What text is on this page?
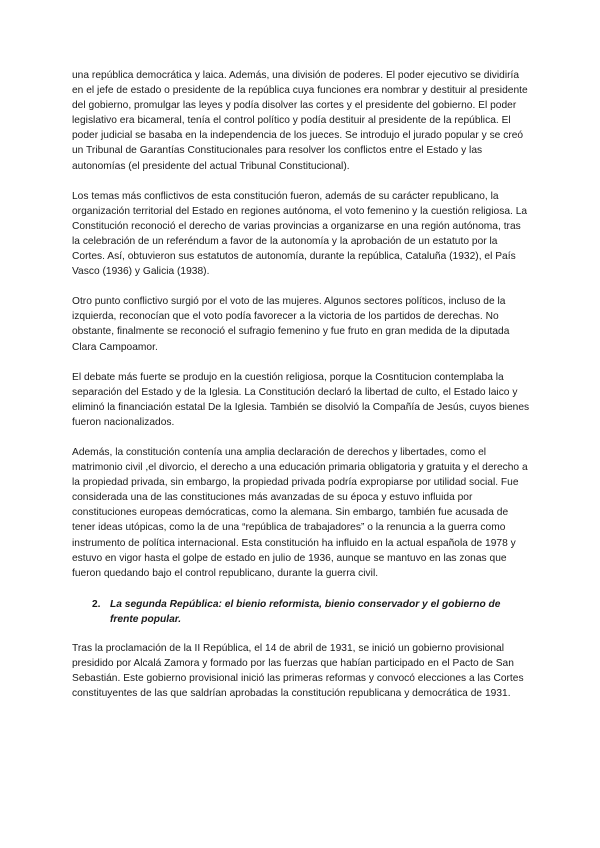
una república democrática y laica. Además, una división de poderes. El poder ejecutivo se dividiría en el jefe de estado o presidente de la república cuya funciones era nombrar y destituir al presidente del gobierno, promulgar las leyes y podía disolver las cortes y el presidente del gobierno. El poder legislativo era bicameral, tenía el control político y podía destituir al presidente de la república. El poder judicial se basaba en la independencia de los jueces. Se introdujo el jurado popular y se creó un Tribunal de Garantías Constitucionales para resolver los conflictos entre el Estado y las autonomías (el presidente del actual Tribunal Constitucional).

Los temas más conflictivos de esta constitución fueron, además de su carácter republicano, la organización territorial del Estado en regiones autónoma, el voto femenino y la cuestión religiosa. La Constitución reconoció el derecho de varias provincias a organizarse en una región autónoma, tras la celebración de un referéndum a favor de la autonomía y la aprobación de un estatuto por la Cortes. Así, obtuvieron sus estatutos de autonomía, durante la república, Cataluña (1932), el País Vasco (1936) y Galicia (1938).

Otro punto conflictivo surgió por el voto de las mujeres. Algunos sectores políticos, incluso de la izquierda, reconocían que el voto podía favorecer a la victoria de los partidos de derechas. No obstante, finalmente se reconoció el sufragio femenino y fue fruto en gran medida de la diputada Clara Campoamor.

El debate más fuerte se produjo en la cuestión religiosa, porque la Cosntitucion contemplaba la separación del Estado y de la Iglesia. La Constitución declaró la libertad de culto, el Estado laico y eliminó la financiación estatal De la Iglesia. También se disolvió la Compañía de Jesús, cuyos bienes fueron nacionalizados.

Además, la constitución contenía una amplia declaración de derechos y libertades, como el matrimonio civil ,el divorcio, el derecho a una educación primaria obligatoria y gratuita y el derecho a la propiedad privada, sin embargo, la propiedad privada podría expropiarse por utilidad social. Fue considerada una de las constituciones más avanzadas de su época y estuvo influida por constituciones europeas demócraticas, como la alemana. Sin embargo, también fue acusada de tener ideas utópicas, como la de una “república de trabajadores” o la renuncia a la guerra como instrumento de política internacional. Esta constitución ha influido en la actual española de 1978 y estuvo en vigor hasta el golpe de estado en julio de 1936, aunque se mantuvo en las zonas que fueron quedando bajo el control republicano, durante la guerra civil.

2. La segunda República: el bienio reformista, bienio conservador y el gobierno de frente popular.

Tras la proclamación de la II República, el 14 de abril de 1931, se inició un gobierno provisional presidido por Alcalá Zamora y formado por las fuerzas que habían participado en el Pacto de San Sebastián. Este gobierno provisional inició las primeras reformas y convocó elecciones a las Cortes constituyentes de las que saldrían aprobadas la constitución republicana y democrática de 1931.
